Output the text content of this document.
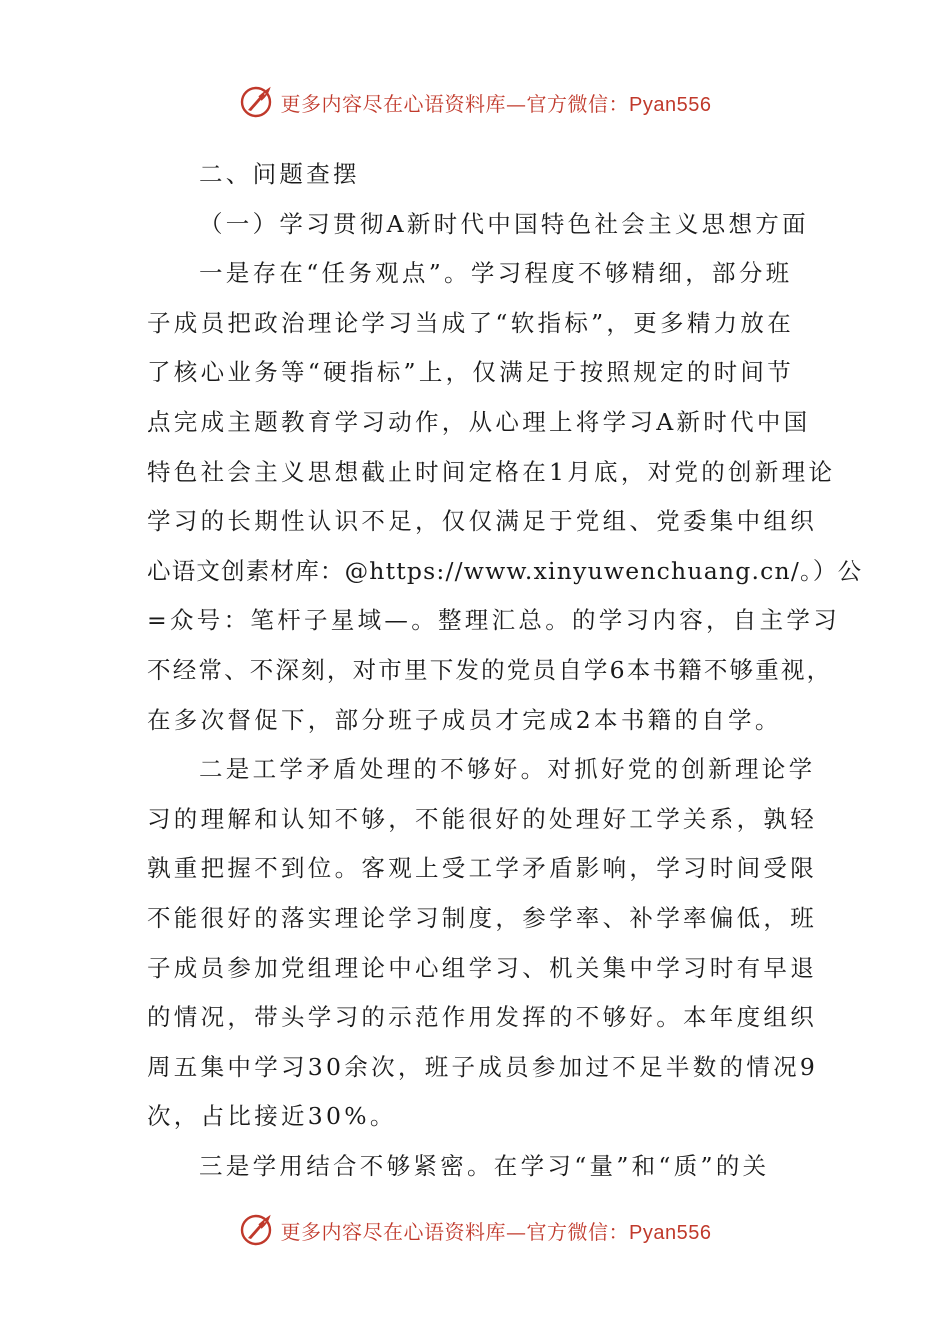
更多内容尽在心语资料库—官方微信：Pyan556
二、问题查摆
（一）学习贯彻A新时代中国特色社会主义思想方面
一是存在“任务观点”。学习程度不够精细，部分班
子成员把政治理论学习当成了“软指标”，更多精力放在
了核心业务等“硬指标”上，仅满足于按照规定的时间节
点完成主题教育学习动作，从心理上将学习A新时代中国
特色社会主义思想截止时间定格在1月底，对党的创新理论
学习的长期性认识不足，仅仅满足于党组、党委集中组织
心语文创素材库：@https://www.xinyuwenchuang.cn/。）公
=众号：笔杆子星域—。整理汇总。的学习内容，自主学习
不经常、不深刻，对市里下发的党员自学6本书籍不够重视，
在多次督促下，部分班子成员才完成2本书籍的自学。
二是工学矛盾处理的不够好。对抓好党的创新理论学
习的理解和认知不够，不能很好的处理好工学关系，孰轻
孰重把握不到位。客观上受工学矛盾影响，学习时间受限
不能很好的落实理论学习制度，参学率、补学率偏低，班
子成员参加党组理论中心组学习、机关集中学习时有早退
的情况，带头学习的示范作用发挥的不够好。本年度组织
周五集中学习30余次，班子成员参加过不足半数的情况9
次，占比接近30%。
三是学用结合不够紧密。在学习“量”和“质”的关
更多内容尽在心语资料库—官方微信：Pyan556
